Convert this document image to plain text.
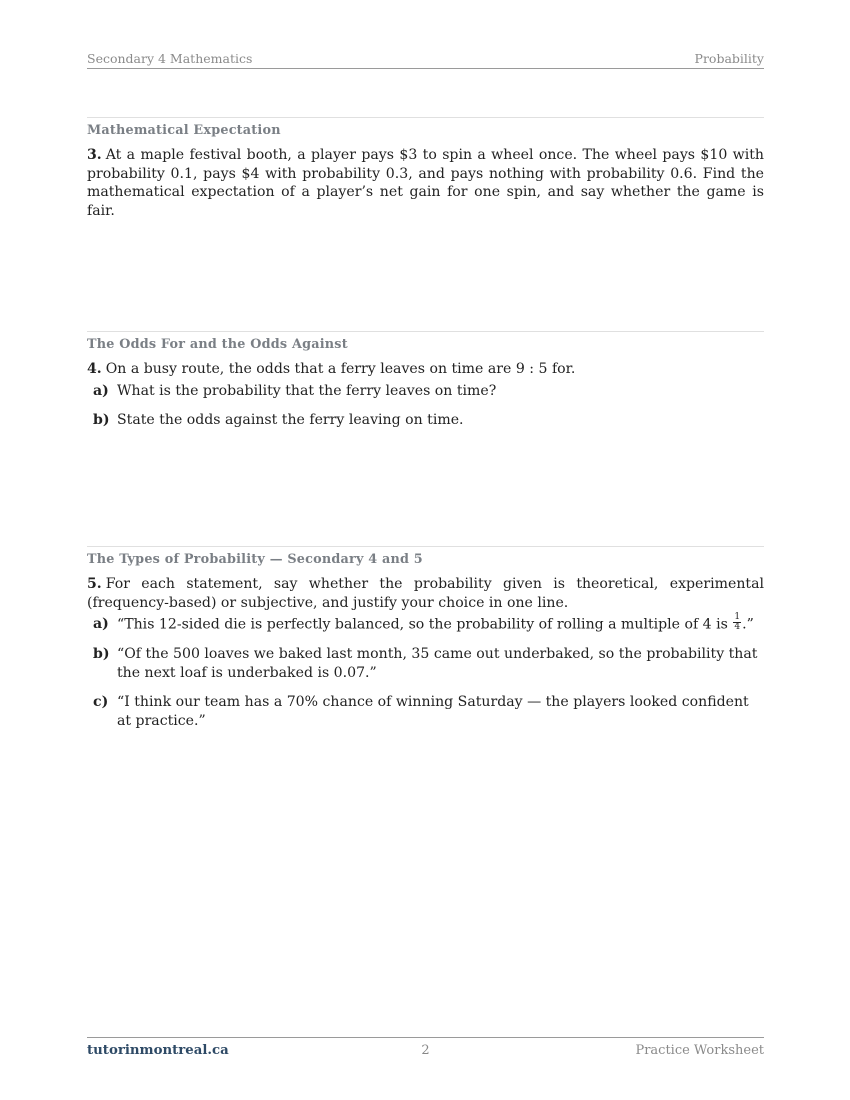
Secondary 4 Mathematics	Probability
Mathematical Expectation
3. At a maple festival booth, a player pays $3 to spin a wheel once. The wheel pays $10 with probability 0.1, pays $4 with probability 0.3, and pays nothing with probability 0.6. Find the mathematical expectation of a player’s net gain for one spin, and say whether the game is fair.
The Odds For and the Odds Against
4. On a busy route, the odds that a ferry leaves on time are 9 : 5 for.
a) What is the probability that the ferry leaves on time?
b) State the odds against the ferry leaving on time.
The Types of Probability — Secondary 4 and 5
5. For each statement, say whether the probability given is theoretical, experimental (frequency-based) or subjective, and justify your choice in one line.
a) “This 12-sided die is perfectly balanced, so the probability of rolling a multiple of 4 is $\frac{1}{4}$ .”
b) “Of the 500 loaves we baked last month, 35 came out underbaked, so the probability that the next loaf is underbaked is 0.07.”
c) “I think our team has a 70% chance of winning Saturday — the players looked confident at practice.”
tutorinmontreal.ca	2	Practice Worksheet
